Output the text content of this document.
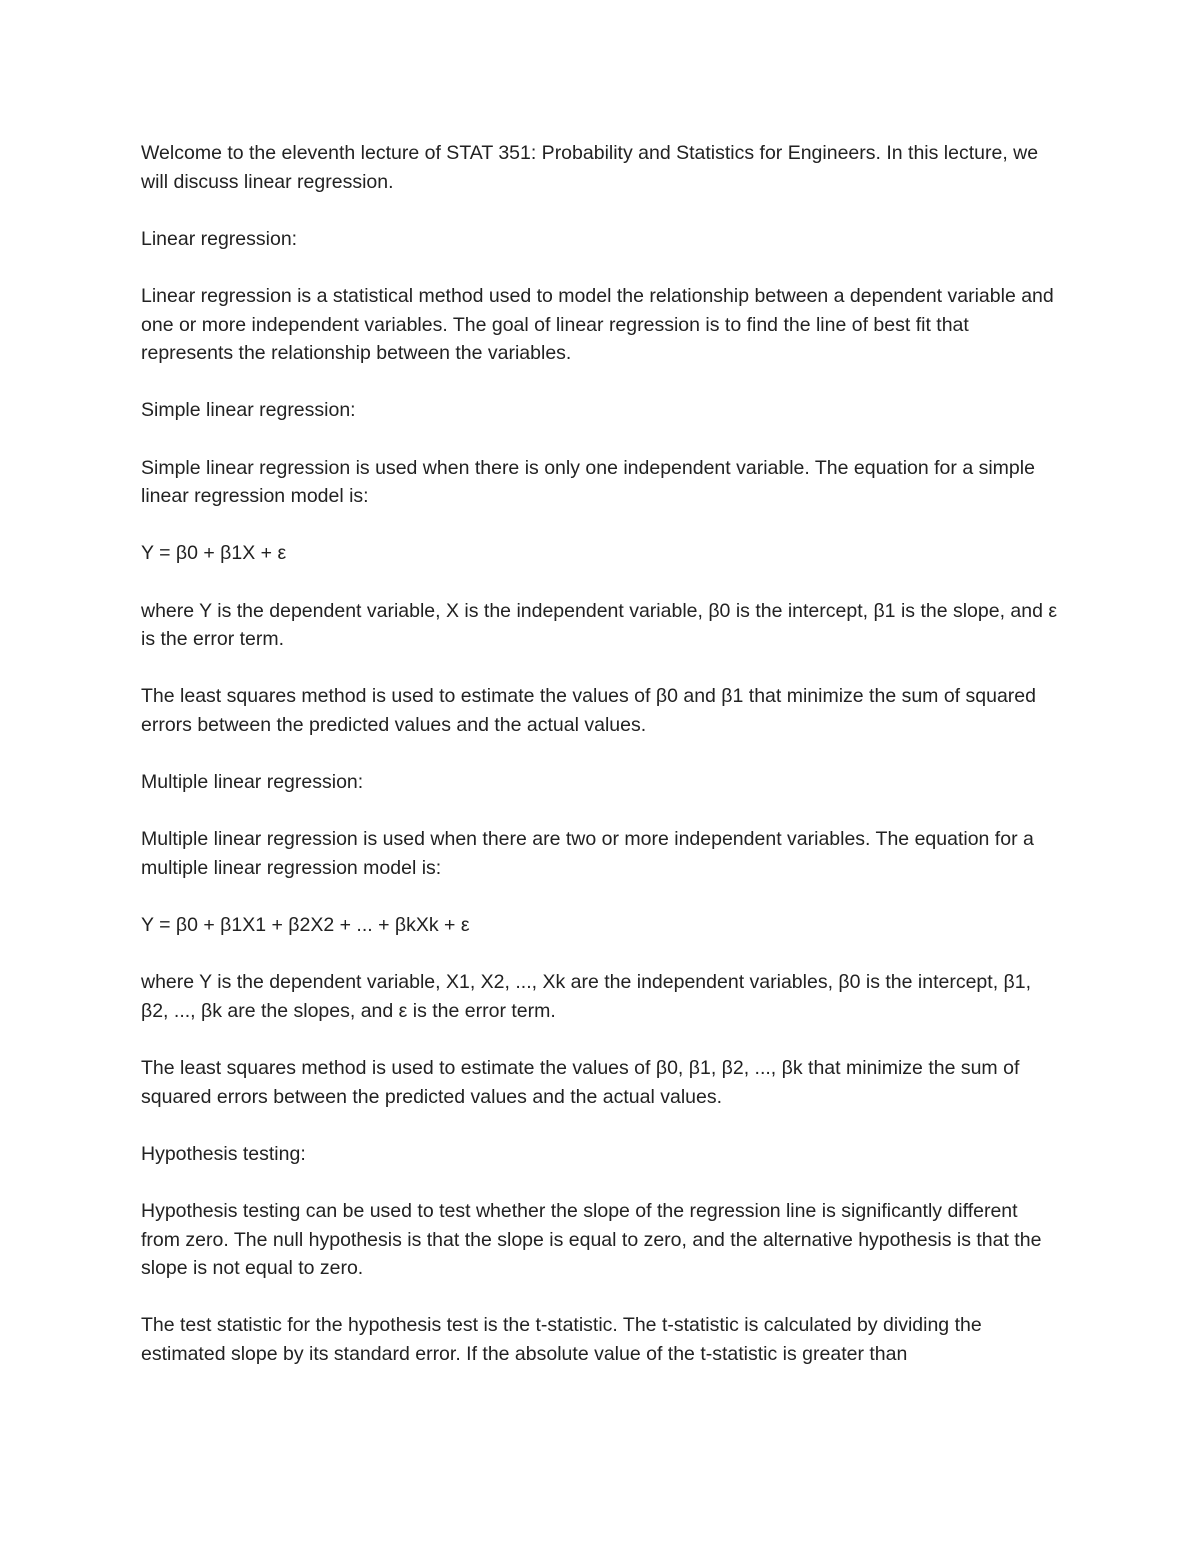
Welcome to the eleventh lecture of STAT 351: Probability and Statistics for Engineers. In this lecture, we will discuss linear regression.

Linear regression:

Linear regression is a statistical method used to model the relationship between a dependent variable and one or more independent variables. The goal of linear regression is to find the line of best fit that represents the relationship between the variables.

Simple linear regression:

Simple linear regression is used when there is only one independent variable. The equation for a simple linear regression model is:

Y = β0 + β1X + ε

where Y is the dependent variable, X is the independent variable, β0 is the intercept, β1 is the slope, and ε is the error term.

The least squares method is used to estimate the values of β0 and β1 that minimize the sum of squared errors between the predicted values and the actual values.

Multiple linear regression:

Multiple linear regression is used when there are two or more independent variables. The equation for a multiple linear regression model is:

Y = β0 + β1X1 + β2X2 + ... + βkXk + ε

where Y is the dependent variable, X1, X2, ..., Xk are the independent variables, β0 is the intercept, β1, β2, ..., βk are the slopes, and ε is the error term.

The least squares method is used to estimate the values of β0, β1, β2, ..., βk that minimize the sum of squared errors between the predicted values and the actual values.

Hypothesis testing:

Hypothesis testing can be used to test whether the slope of the regression line is significantly different from zero. The null hypothesis is that the slope is equal to zero, and the alternative hypothesis is that the slope is not equal to zero.

The test statistic for the hypothesis test is the t-statistic. The t-statistic is calculated by dividing the estimated slope by its standard error. If the absolute value of the t-statistic is greater than
